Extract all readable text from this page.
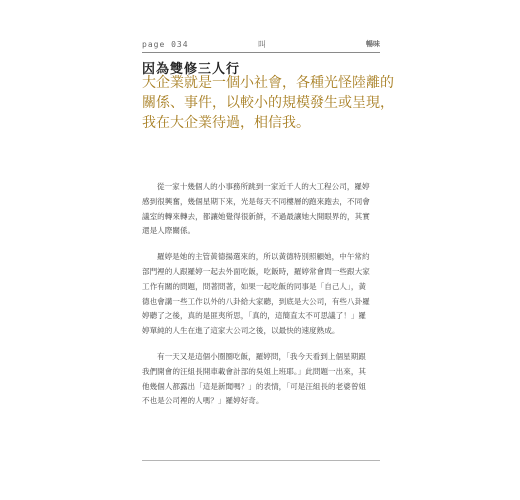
page 034	叫	暢味
因為雙修三人行
大企業就是一個小社會，各種光怪陸離的
關係、事件，以較小的規模發生或呈現，
我在大企業待過，相信我。
從一家十幾個人的小事務所跳到一家近千人的大工程公司，羅婷
感到很興奮，幾個星期下來，光是每天不同樓層的跑來跑去，不同會
議室的轉來轉去，都讓她覺得很新鮮，不過最讓她大開眼界的，其實
還是人際關係。
羅婷是她的主管黃德揚選來的，所以黃德特別照顧她，中午常約
部門裡的人跟羅婷一起去外面吃飯，吃飯時，羅婷常會問一些跟大家
工作有關的問題，問著問著，如果一起吃飯的同事是「自己人」，黃
德也會講一些工作以外的八卦給大家聽，到底是大公司，有些八卦羅
婷聽了之後，真的是匪夷所思，「真的，這簡直太不可思議了！」羅
婷單純的人生在進了這家大公司之後，以最快的速度熟成。
有一天又是這個小圈圈吃飯，羅婷問，「我今天看到上個星期跟
我們開會的汪組長開車載會計部的吳姐上班耶。」此問題一出來，其
他幾個人都露出「這是新聞嗎？」的表情，「可是汪組長的老婆曾姐
不也是公司裡的人嗎？」羅婷好奇。
